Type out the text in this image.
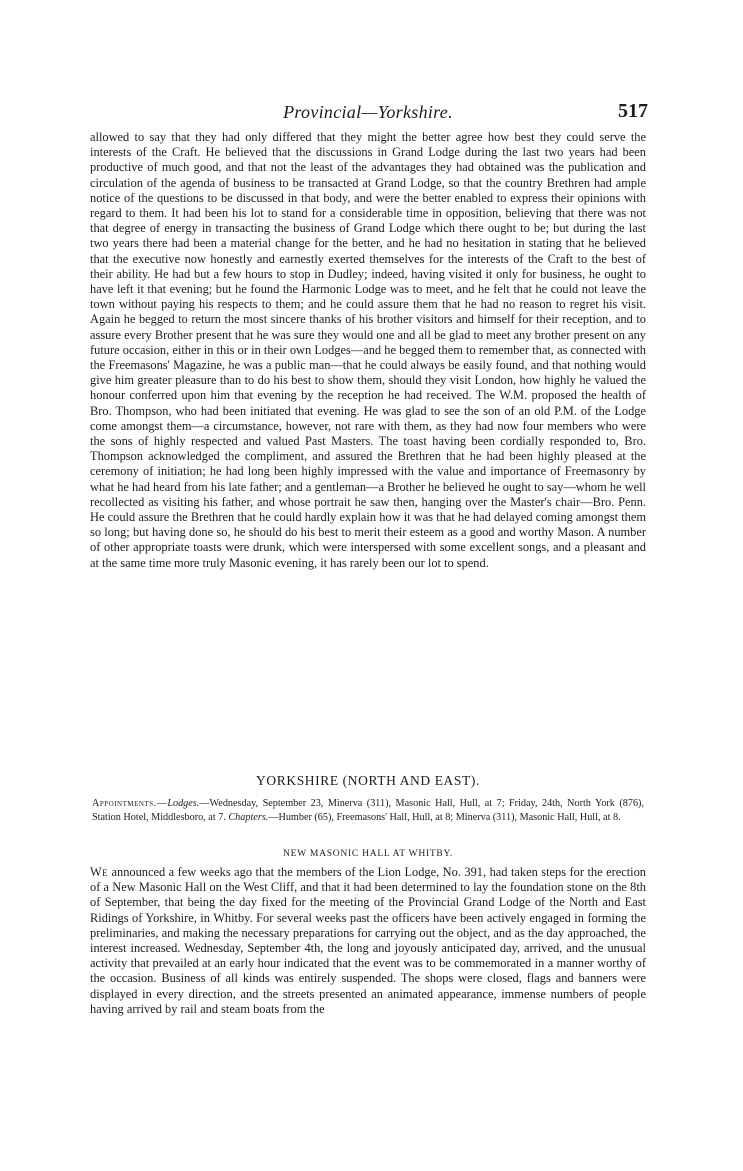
Provincial—Yorkshire.	517

allowed to say that they had only differed that they might the better agree how best they could serve the interests of the Craft. He believed that the discussions in Grand Lodge during the last two years had been productive of much good, and that not the least of the advantages they had obtained was the publication and circulation of the agenda of business to be transacted at Grand Lodge, so that the country Brethren had ample notice of the questions to be discussed in that body, and were the better enabled to express their opinions with regard to them. It had been his lot to stand for a considerable time in opposition, believing that there was not that degree of energy in transacting the business of Grand Lodge which there ought to be; but during the last two years there had been a material change for the better, and he had no hesitation in stating that he believed that the executive now honestly and earnestly exerted themselves for the interests of the Craft to the best of their ability. He had but a few hours to stop in Dudley; indeed, having visited it only for business, he ought to have left it that evening; but he found the Harmonic Lodge was to meet, and he felt that he could not leave the town without paying his respects to them; and he could assure them that he had no reason to regret his visit. Again he begged to return the most sincere thanks of his brother visitors and himself for their reception, and to assure every Brother present that he was sure they would one and all be glad to meet any brother present on any future occasion, either in this or in their own Lodges—and he begged them to remember that, as connected with the Freemasons' Magazine, he was a public man—that he could always be easily found, and that nothing would give him greater pleasure than to do his best to show them, should they visit London, how highly he valued the honour conferred upon him that evening by the reception he had received. The W.M. proposed the health of Bro. Thompson, who had been initiated that evening. He was glad to see the son of an old P.M. of the Lodge come amongst them—a circumstance, however, not rare with them, as they had now four members who were the sons of highly respected and valued Past Masters. The toast having been cordially responded to, Bro. Thompson acknowledged the compliment, and assured the Brethren that he had been highly pleased at the ceremony of initiation; he had long been highly impressed with the value and importance of Freemasonry by what he had heard from his late father; and a gentleman—a Brother he believed he ought to say—whom he well recollected as visiting his father, and whose portrait he saw then, hanging over the Master's chair—Bro. Penn. He could assure the Brethren that he could hardly explain how it was that he had delayed coming amongst them so long; but having done so, he should do his best to merit their esteem as a good and worthy Mason. A number of other appropriate toasts were drunk, which were interspersed with some excellent songs, and a pleasant and at the same time more truly Masonic evening, it has rarely been our lot to spend.

YORKSHIRE (NORTH AND EAST).
Appointments.—Lodges.—Wednesday, September 23, Minerva (311), Masonic Hall, Hull, at 7; Friday, 24th, North York (876), Station Hotel, Middlesboro, at 7. Chapters.—Humber (65), Freemasons' Hall, Hull, at 8; Minerva (311), Masonic Hall, Hull, at 8.
NEW MASONIC HALL AT WHITBY.

We announced a few weeks ago that the members of the Lion Lodge, No. 391, had taken steps for the erection of a New Masonic Hall on the West Cliff, and that it had been determined to lay the foundation stone on the 8th of September, that being the day fixed for the meeting of the Provincial Grand Lodge of the North and East Ridings of Yorkshire, in Whitby. For several weeks past the officers have been actively engaged in forming the preliminaries, and making the necessary preparations for carrying out the object, and as the day approached, the interest increased. Wednesday, September 4th, the long and joyously anticipated day, arrived, and the unusual activity that prevailed at an early hour indicated that the event was to be commemorated in a manner worthy of the occasion. Business of all kinds was entirely suspended. The shops were closed, flags and banners were displayed in every direction, and the streets presented an animated appearance, immense numbers of people having arrived by rail and steam boats from the
